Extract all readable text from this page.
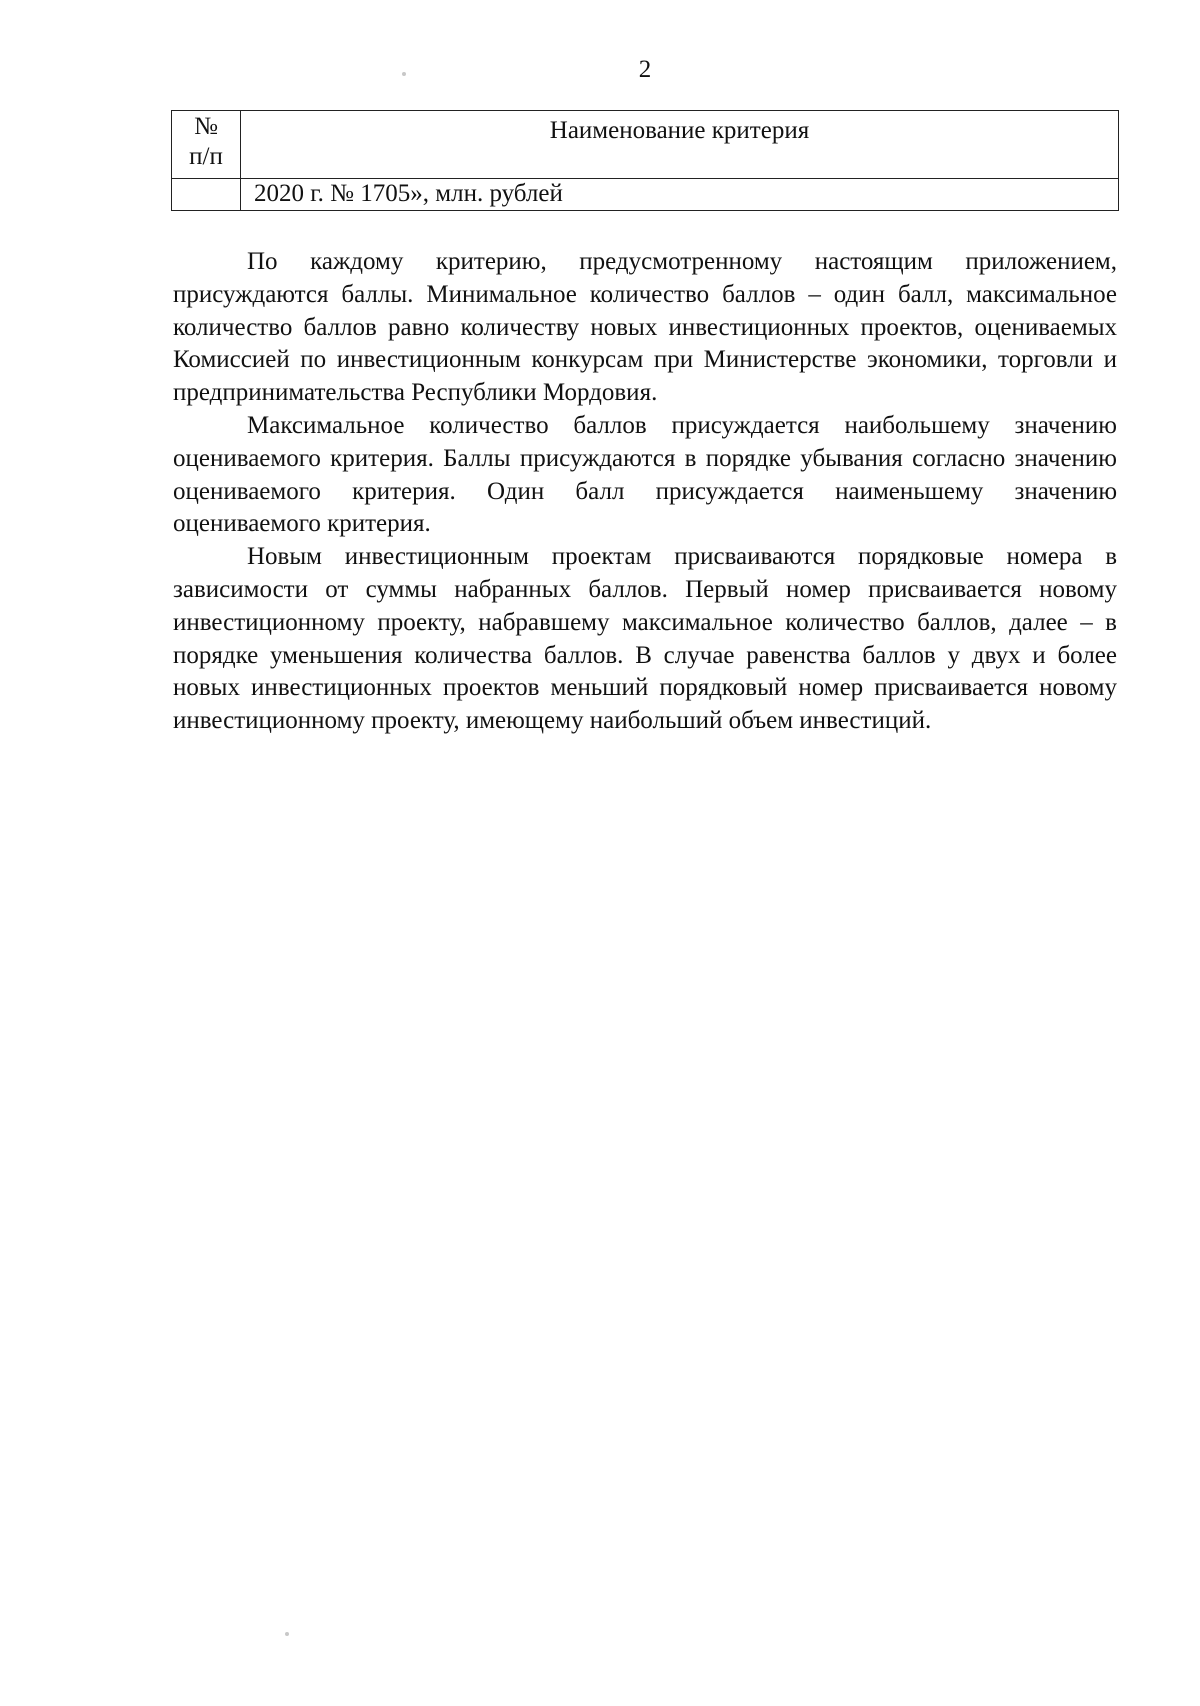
2
№
п/п	Наименование критерия
	2020 г. № 1705», млн. рублей

По каждому критерию, предусмотренному настоящим приложением, присуждаются баллы. Минимальное количество баллов – один балл, максимальное количество баллов равно количеству новых инвестиционных проектов, оцениваемых Комиссией по инвестиционным конкурсам при Министерстве экономики, торговли и предпринимательства Республики Мордовия.

Максимальное количество баллов присуждается наибольшему значению оцениваемого критерия. Баллы присуждаются в порядке убывания согласно значению оцениваемого критерия. Один балл присуждается наименьшему значению оцениваемого критерия.

Новым инвестиционным проектам присваиваются порядковые номера в зависимости от суммы набранных баллов. Первый номер присваивается новому инвестиционному проекту, набравшему максимальное количество баллов, далее – в порядке уменьшения количества баллов. В случае равенства баллов у двух и более новых инвестиционных проектов меньший порядковый номер присваивается новому инвестиционному проекту, имеющему наибольший объем инвестиций.
